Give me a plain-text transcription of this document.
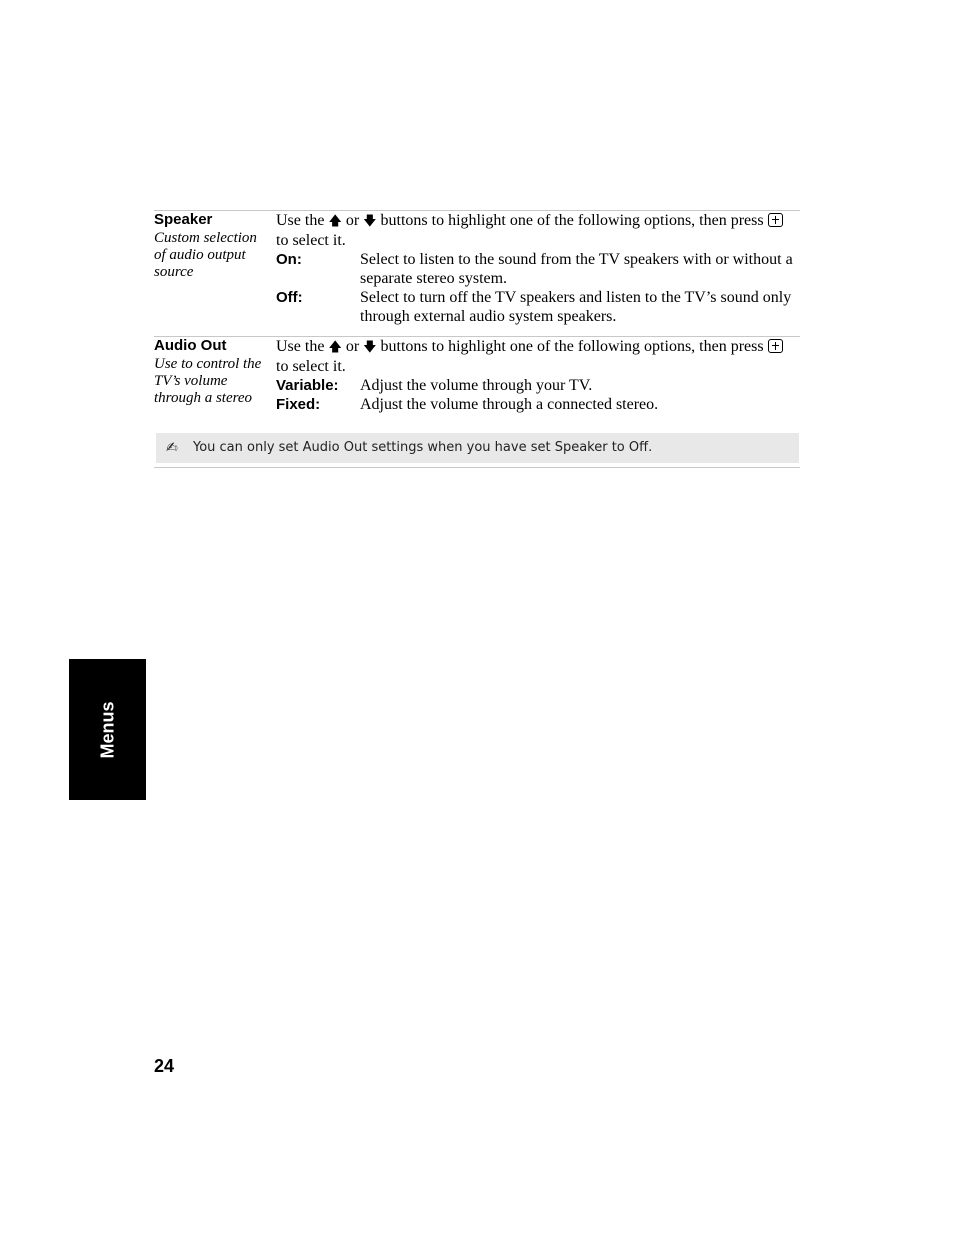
Speaker
Custom selection of audio output source

Use the 🡅 or 🡇 buttons to highlight one of the following options, then press  to select it.

On:	Select to listen to the sound from the TV speakers with or without a separate stereo system.
Off:	Select to turn off the TV speakers and listen to the TV’s sound only through external audio system speakers.
Audio Out
Use to control the TV’s volume through a stereo

Use the 🡅 or 🡇 buttons to highlight one of the following options, then press  to select it.

Variable: Adjust the volume through your TV.
Fixed: Adjust the volume through a connected stereo.
✍ You can only set Audio Out settings when you have set Speaker to Off.
Menus
24
